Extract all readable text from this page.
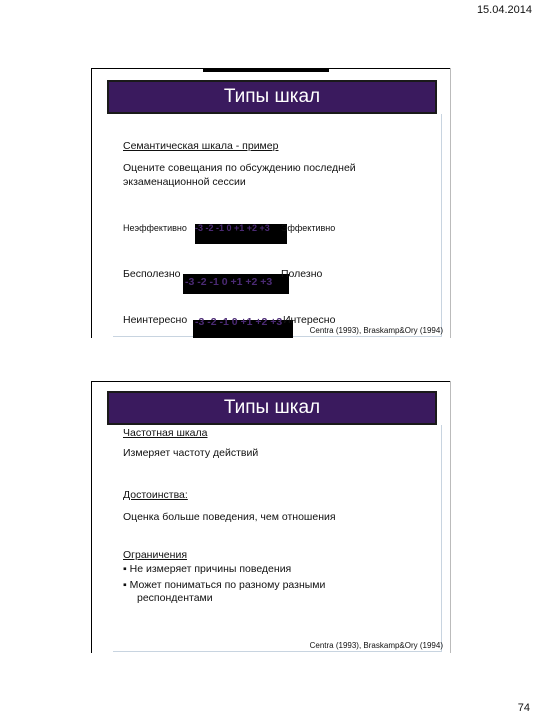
15.04.2014
Типы шкал
Семантическая шкала - пример
Оцените совещания по обсуждению последней
экзаменационной сессии
Неэффективно -3 -2 -1 0 +1 +2 +3 Эффективно
Бесполезно
-3 -2 -1 0 +1 +2 +3
Полезно
Неинтересно -3 -2 -1 0 +1 +2 +3 Интересно
Centra (1993), Braskamp&Ory (1994)
Типы шкал
Частотная шкала
Измеряет частоту действий
Достоинства:
Оценка больше поведения, чем отношения
Ограничения
▪ Не измеряет причины поведения
▪ Может пониматься по разному разными
респондентами
Centra (1993), Braskamp&Ory (1994)
74
